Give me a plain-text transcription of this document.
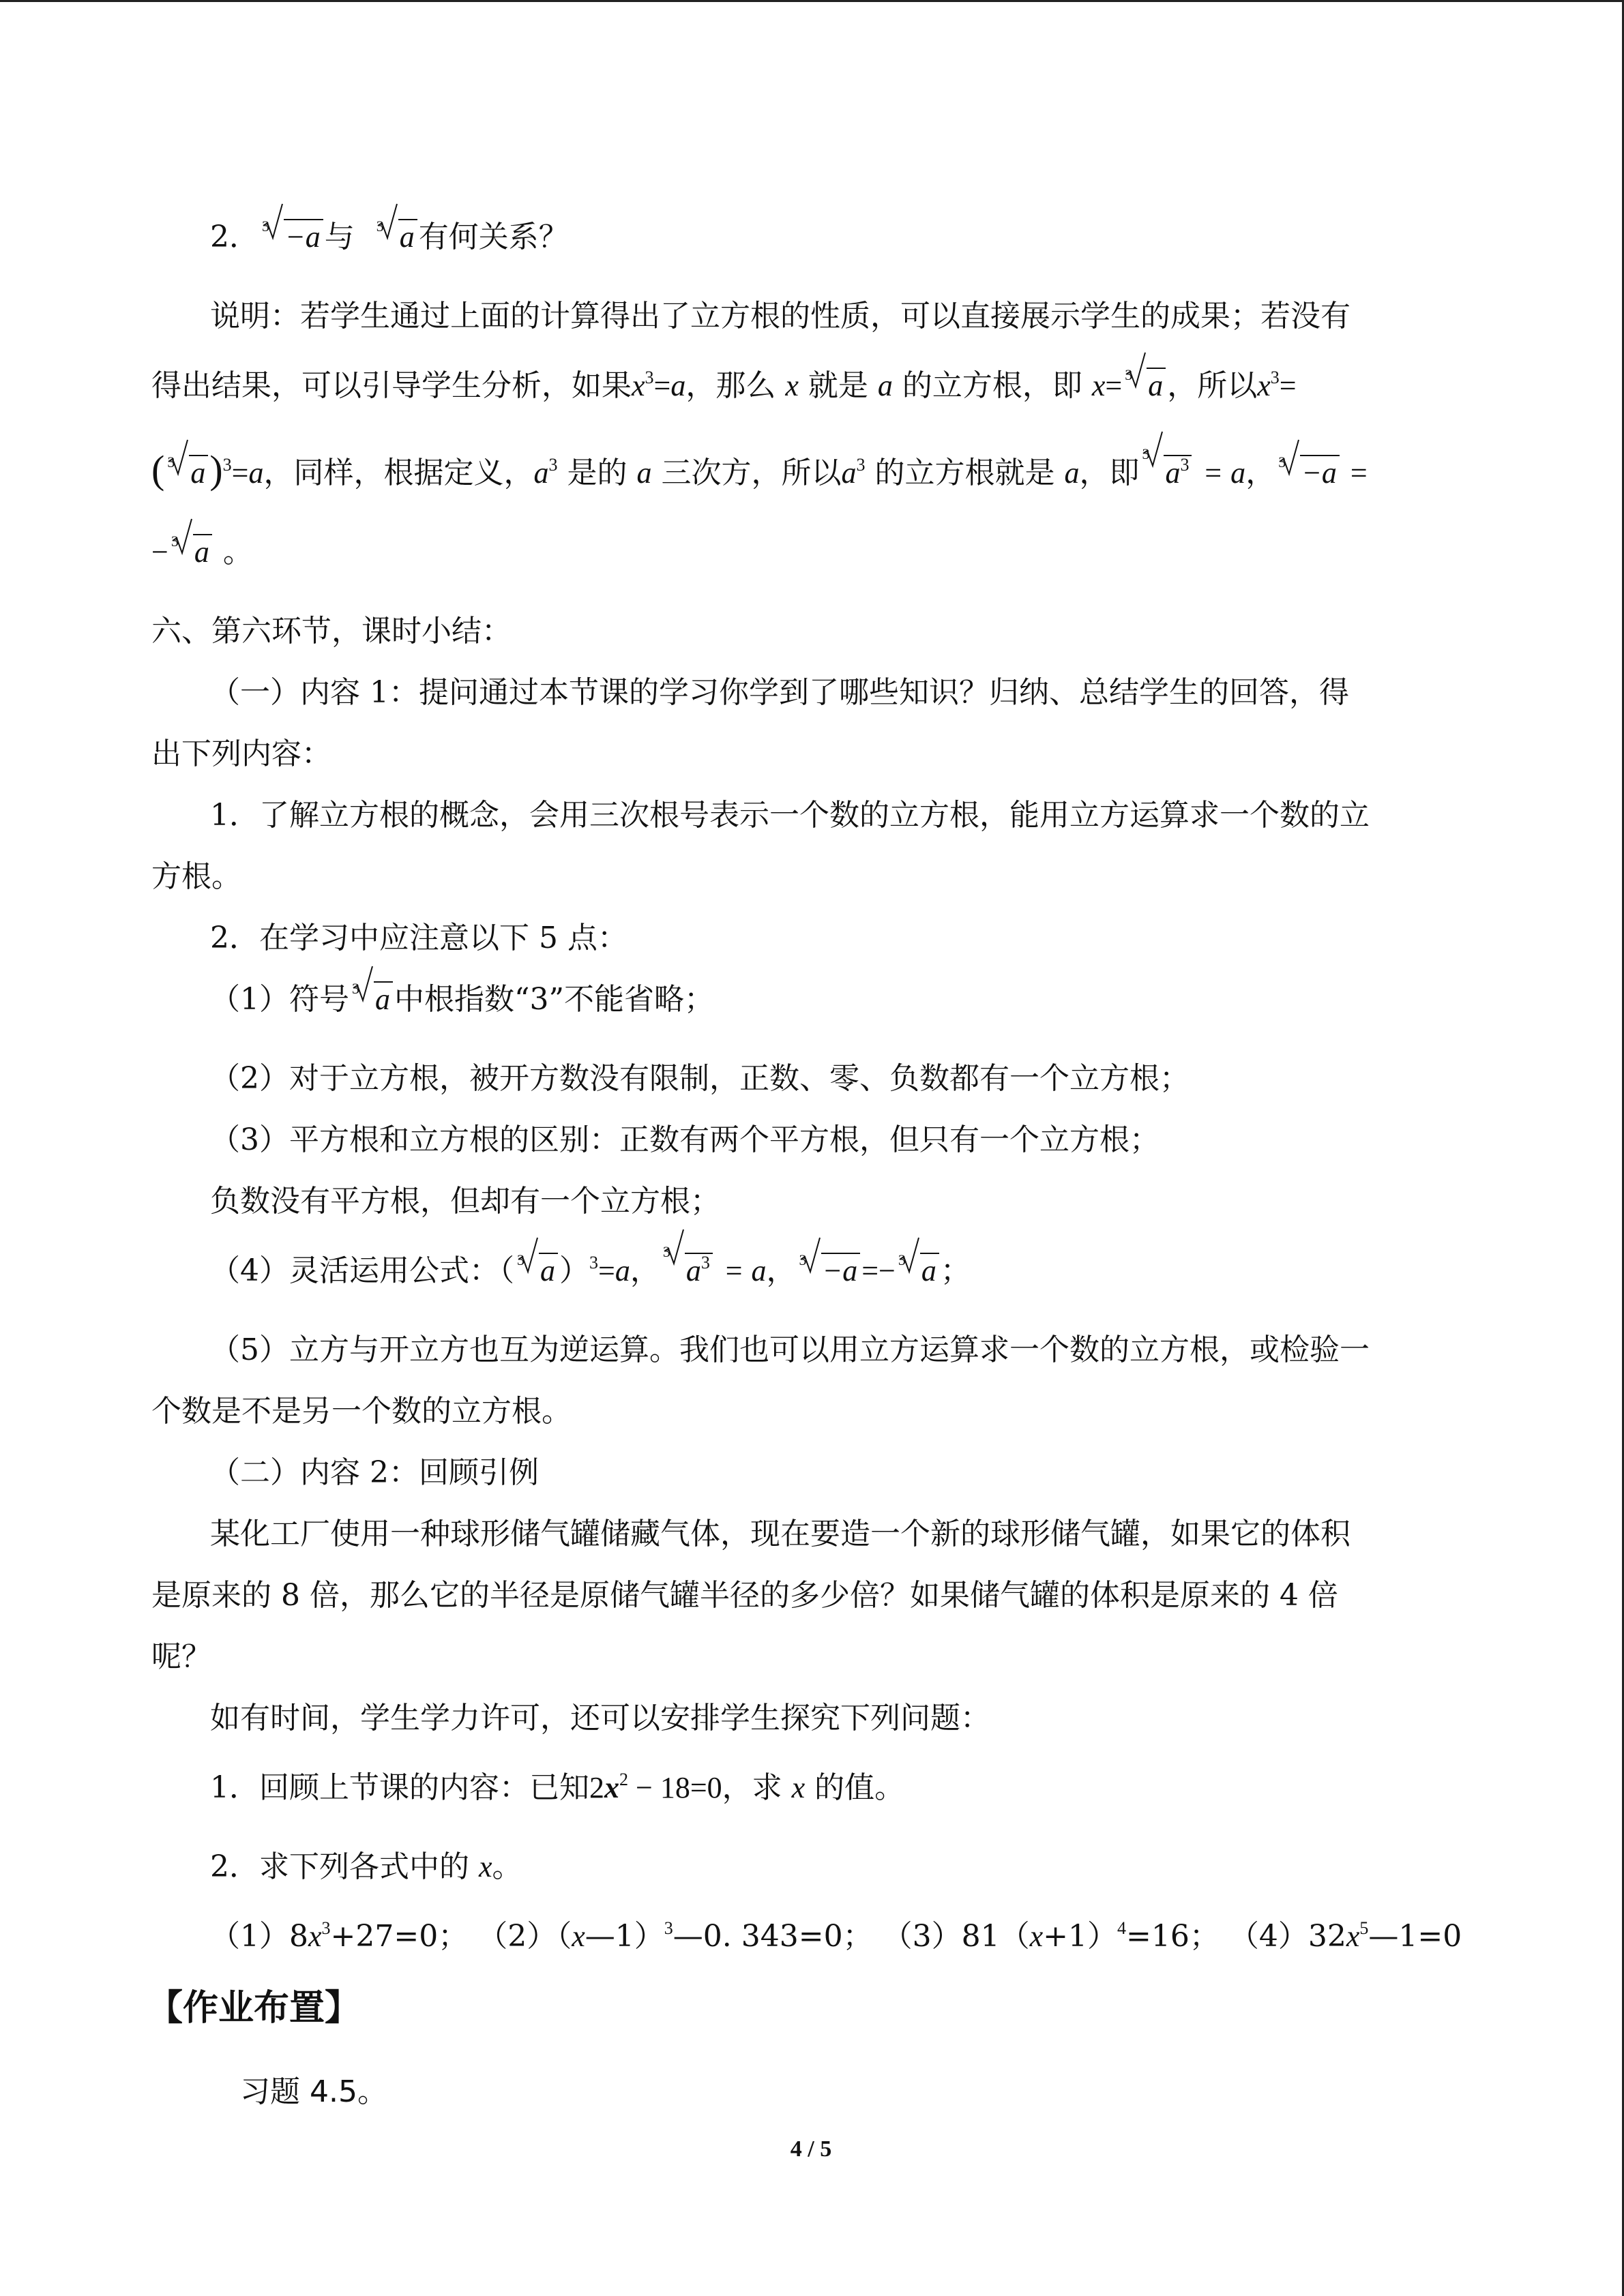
2． 3 −a 与 3 a 有何关系？

说明：若学生通过上面的计算得出了立方根的性质，可以直接展示学生的成果；若没有

得出结果，可以引导学生分析，如果$x^3=a$，那么 x 就是 a 的立方根，即 x= 3 a ，所以$x^3=$

( 3 a )$^3$=a，同样，根据定义，$a^3$ 是的 a 三次方，所以$a^3$ 的立方根就是 a，即
3
$a^3 = a$， 3 −a =

− 3 a 。

六、第六环节，课时小结：

（一）内容 1：提问通过本节课的学习你学到了哪些知识？归纳、总结学生的回答，得

出下列内容：

1．了解立方根的概念，会用三次根号表示一个数的立方根，能用立方运算求一个数的立

方根。

2．在学习中应注意以下 5 点：

（1）符号 3 a 中根指数“3”不能省略；

（2）对于立方根，被开方数没有限制，正数、零、负数都有一个立方根；

（3）平方根和立方根的区别：正数有两个平方根，但只有一个立方根；

负数没有平方根，但却有一个立方根；

（4）灵活运用公式：（ 3 a ）$^3$=a，
3
$a^3 = a$， 3 −a =− 3 a ；

（5）立方与开立方也互为逆运算。我们也可以用立方运算求一个数的立方根，或检验一

个数是不是另一个数的立方根。

（二）内容 2：回顾引例

某化工厂使用一种球形储气罐储藏气体，现在要造一个新的球形储气罐，如果它的体积

是原来的 8 倍，那么它的半径是原储气罐半径的多少倍？如果储气罐的体积是原来的 4 倍

呢？

如有时间，学生学力许可，还可以安排学生探究下列问题：

1．回顾上节课的内容：已知$2x^2 - 18=0$，求 x 的值。

2．求下列各式中的 x。

$(1)8x^3+27=0$； （2）（x—1）$^3$—0. 343=0； $(3)81(x+1)^4=16$； $(4)32x^5—1=0$

【作业布置】
习题 4.5。
4 / 5
